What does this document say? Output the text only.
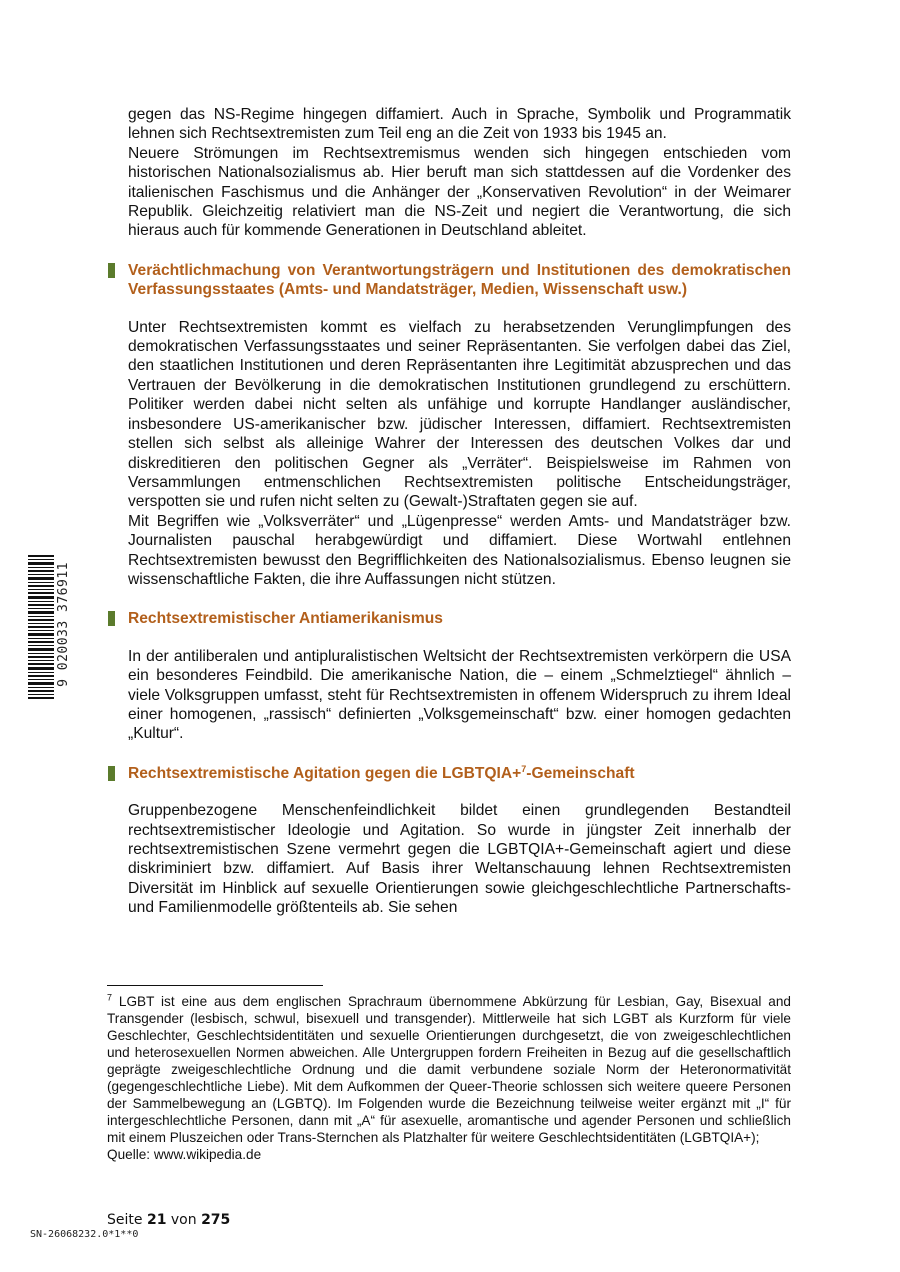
gegen das NS-Regime hingegen diffamiert. Auch in Sprache, Symbolik und Programmatik lehnen sich Rechtsextremisten zum Teil eng an die Zeit von 1933 bis 1945 an.

Neuere Strömungen im Rechtsextremismus wenden sich hingegen entschieden vom historischen Nationalsozialismus ab. Hier beruft man sich stattdessen auf die Vordenker des italienischen Faschismus und die Anhänger der „Konservativen Revolution“ in der Weimarer Republik. Gleichzeitig relativiert man die NS-Zeit und negiert die Verantwortung, die sich hieraus auch für kommende Generationen in Deutschland ableitet.

Verächtlichmachung von Verantwortungsträgern und Institutionen des demokratischen Verfassungsstaates (Amts- und Mandatsträger, Medien, Wissenschaft usw.)

Unter Rechtsextremisten kommt es vielfach zu herabsetzenden Verunglimpfungen des demokratischen Verfassungsstaates und seiner Repräsentanten. Sie verfolgen dabei das Ziel, den staatlichen Institutionen und deren Repräsentanten ihre Legitimität abzusprechen und das Vertrauen der Bevölkerung in die demokratischen Institutionen grundlegend zu erschüttern. Politiker werden dabei nicht selten als unfähige und korrupte Handlanger ausländischer, insbesondere US-amerikanischer bzw. jüdischer Interessen, diffamiert. Rechtsextremisten stellen sich selbst als alleinige Wahrer der Interessen des deutschen Volkes dar und diskreditieren den politischen Gegner als „Verräter“. Beispielsweise im Rahmen von Versammlungen entmenschlichen Rechtsextremisten politische Entscheidungsträger, verspotten sie und rufen nicht selten zu (Gewalt-)Straftaten gegen sie auf.

Mit Begriffen wie „Volksverräter“ und „Lügenpresse“ werden Amts- und Mandatsträger bzw. Journalisten pauschal herabgewürdigt und diffamiert. Diese Wortwahl entlehnen Rechtsextremisten bewusst den Begrifflichkeiten des Nationalsozialismus. Ebenso leugnen sie wissenschaftliche Fakten, die ihre Auffassungen nicht stützen.

Rechtsextremistischer Antiamerikanismus

In der antiliberalen und antipluralistischen Weltsicht der Rechtsextremisten verkörpern die USA ein besonderes Feindbild. Die amerikanische Nation, die – einem „Schmelztiegel“ ähnlich – viele Volksgruppen umfasst, steht für Rechtsextremisten in offenem Widerspruch zu ihrem Ideal einer homogenen, „rassisch“ definierten „Volksgemeinschaft“ bzw. einer homogen gedachten „Kultur“.

Rechtsextremistische Agitation gegen die LGBTQIA+$^7$-Gemeinschaft

Gruppenbezogene Menschenfeindlichkeit bildet einen grundlegenden Bestandteil rechtsextremistischer Ideologie und Agitation. So wurde in jüngster Zeit innerhalb der rechtsextremistischen Szene vermehrt gegen die LGBTQIA+-Gemeinschaft agiert und diese diskriminiert bzw. diffamiert. Auf Basis ihrer Weltanschauung lehnen Rechtsextremisten Diversität im Hinblick auf sexuelle Orientierungen sowie gleichgeschlechtliche Partnerschafts- und Familienmodelle größtenteils ab. Sie sehen

$^7$ LGBT ist eine aus dem englischen Sprachraum übernommene Abkürzung für Lesbian, Gay, Bisexual and Transgender (lesbisch, schwul, bisexuell und transgender). Mittlerweile hat sich LGBT als Kurzform für viele Geschlechter, Geschlechtsidentitäten und sexuelle Orientierungen durchgesetzt, die von zweigeschlechtlichen und heterosexuellen Normen abweichen. Alle Untergruppen fordern Freiheiten in Bezug auf die gesellschaftlich geprägte zweigeschlechtliche Ordnung und die damit verbundene soziale Norm der Heteronormativität (gegengeschlechtliche Liebe). Mit dem Aufkommen der Queer-Theorie schlossen sich weitere queere Personen der Sammelbewegung an (LGBTQ). Im Folgenden wurde die Bezeichnung teilweise weiter ergänzt mit „I“ für intergeschlechtliche Personen, dann mit „A“ für asexuelle, aromantische und agender Personen und schließlich mit einem Pluszeichen oder Trans-Sternchen als Platzhalter für weitere Geschlechtsidentitäten (LGBTQIA+);
Quelle: www.wikipedia.de
Seite 21 von 275
SN-26068232.0*1**0
9 020033 376911
